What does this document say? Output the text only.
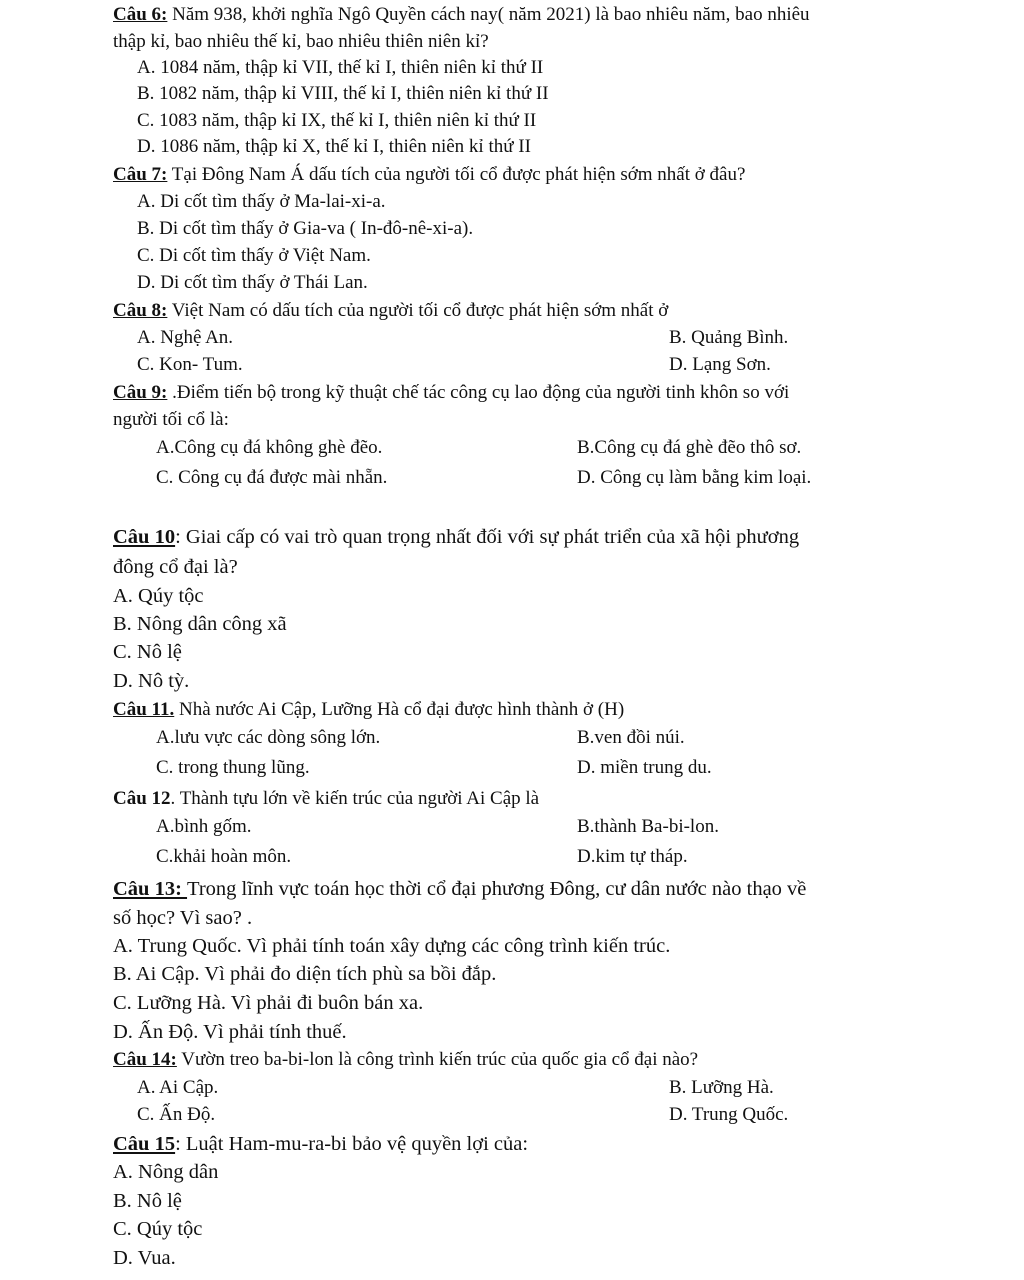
Câu 6: Năm 938, khởi nghĩa Ngô Quyền cách nay( năm 2021) là bao nhiêu năm, bao nhiêu
thập kỉ, bao nhiêu thế kỉ, bao nhiêu thiên niên kỉ?
A. 1084 năm, thập kỉ VII, thế kỉ I, thiên niên kỉ thứ II
B. 1082 năm, thập kỉ VIII, thế kỉ I, thiên niên kỉ thứ II
C. 1083 năm, thập kỉ IX, thế kỉ I, thiên niên kỉ thứ II
D. 1086 năm, thập kỉ X, thế kỉ I, thiên niên kỉ thứ II
Câu 7: Tại Đông Nam Á dấu tích của người tối cổ được phát hiện sớm nhất ở đâu?
A. Di cốt tìm thấy ở Ma-lai-xi-a.
B. Di cốt tìm thấy ở Gia-va ( In-đô-nê-xi-a).
C. Di cốt tìm thấy ở Việt Nam.
D. Di cốt tìm thấy ở Thái Lan.
Câu 8: Việt Nam có dấu tích của người tối cổ được phát hiện sớm nhất ở
A. Nghệ An.	B. Quảng Bình.
C. Kon- Tum.	D. Lạng Sơn.
Câu 9: .Điểm tiến bộ trong kỹ thuật chế tác công cụ lao động của người tinh khôn so với
người tối cổ là:
A.Công cụ đá không ghè đẽo.	B.Công cụ đá ghè đẽo thô sơ.
C. Công cụ đá được mài nhẵn.	D. Công cụ làm bằng kim loại.
Câu 10: Giai cấp có vai trò quan trọng nhất đối với sự phát triển của xã hội phương
đông cổ đại là?
A. Qúy tộc
B. Nông dân công xã
C. Nô lệ
D. Nô tỳ.
Câu 11. Nhà nước Ai Cập, Lưỡng Hà cổ đại được hình thành ở (H)
A.lưu vực các dòng sông lớn.	B.ven đồi núi.
C. trong thung lũng.	D. miền trung du.
Câu 12. Thành tựu lớn về kiến trúc của người Ai Cập là
A.bình gốm.	B.thành Ba-bi-lon.
C.khải hoàn môn.	D.kim tự tháp.
Câu 13: Trong lĩnh vực toán học thời cổ đại phương Đông, cư dân nước nào thạo về
số học? Vì sao? .
A. Trung Quốc. Vì phải tính toán xây dựng các công trình kiến trúc.
B. Ai Cập. Vì phải đo diện tích phù sa bồi đắp.
C. Lưỡng Hà. Vì phải đi buôn bán xa.
D. Ấn Độ. Vì phải tính thuế.
Câu 14: Vườn treo ba-bi-lon là công trình kiến trúc của quốc gia cổ đại nào?
A. Ai Cập.	B. Lưỡng Hà.
C. Ấn Độ.	D. Trung Quốc.
Câu 15: Luật Ham-mu-ra-bi bảo vệ quyền lợi của:
A. Nông dân
B. Nô lệ
C. Qúy tộc
D. Vua.
